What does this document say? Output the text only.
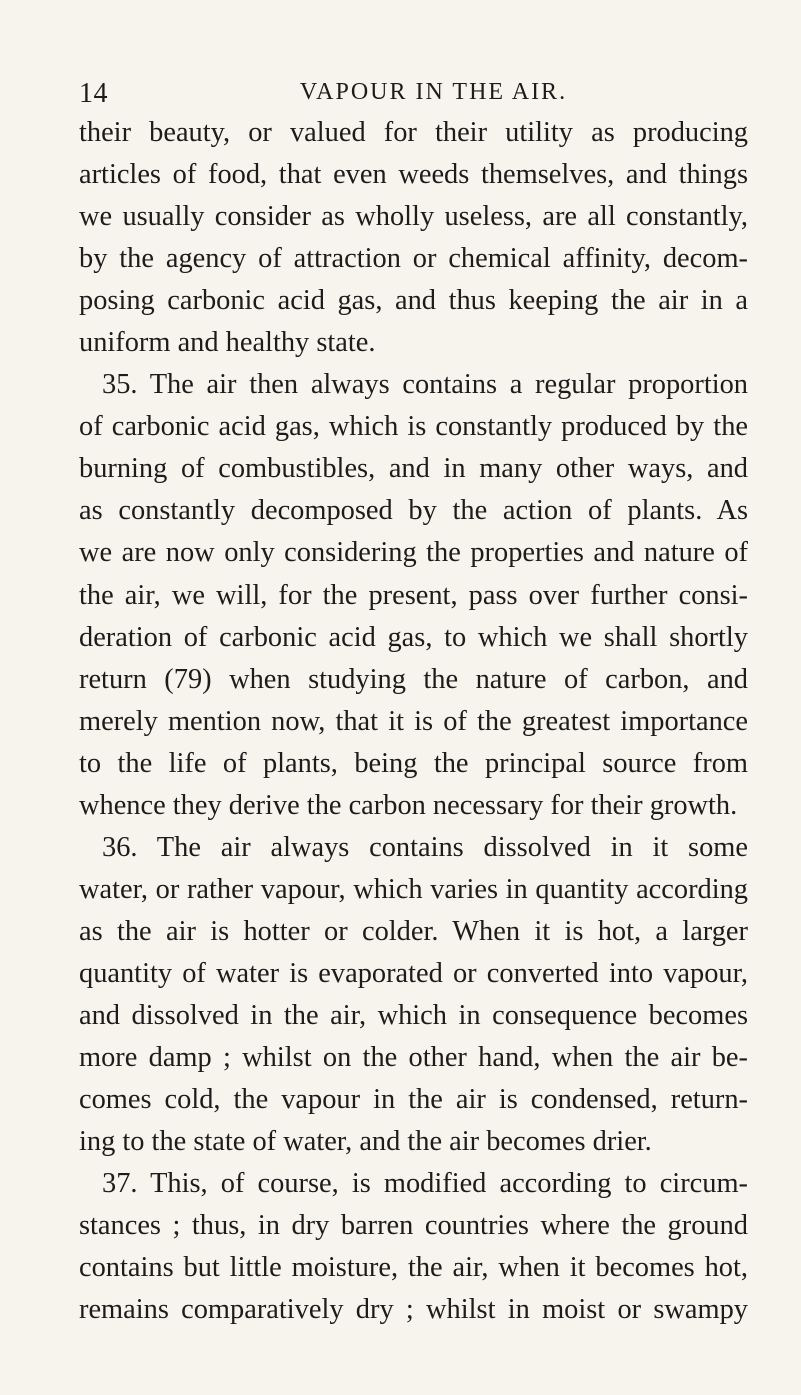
14	VAPOUR IN THE AIR.
their beauty, or valued for their utility as producing
articles of food, that even weeds themselves, and things
we usually consider as wholly useless, are all constantly,
by the agency of attraction or chemical affinity, decom-
posing carbonic acid gas, and thus keeping the air in a
uniform and healthy state.
35. The air then always contains a regular proportion
of carbonic acid gas, which is constantly produced by the
burning of combustibles, and in many other ways, and
as constantly decomposed by the action of plants. As
we are now only considering the properties and nature of
the air, we will, for the present, pass over further consi-
deration of carbonic acid gas, to which we shall shortly
return (79) when studying the nature of carbon, and
merely mention now, that it is of the greatest importance
to the life of plants, being the principal source from
whence they derive the carbon necessary for their growth.
36. The air always contains dissolved in it some
water, or rather vapour, which varies in quantity according
as the air is hotter or colder. When it is hot, a larger
quantity of water is evaporated or converted into vapour,
and dissolved in the air, which in consequence becomes
more damp ; whilst on the other hand, when the air be-
comes cold, the vapour in the air is condensed, return-
ing to the state of water, and the air becomes drier.
37. This, of course, is modified according to circum-
stances ; thus, in dry barren countries where the ground
contains but little moisture, the air, when it becomes hot,
remains comparatively dry ; whilst in moist or swampy
